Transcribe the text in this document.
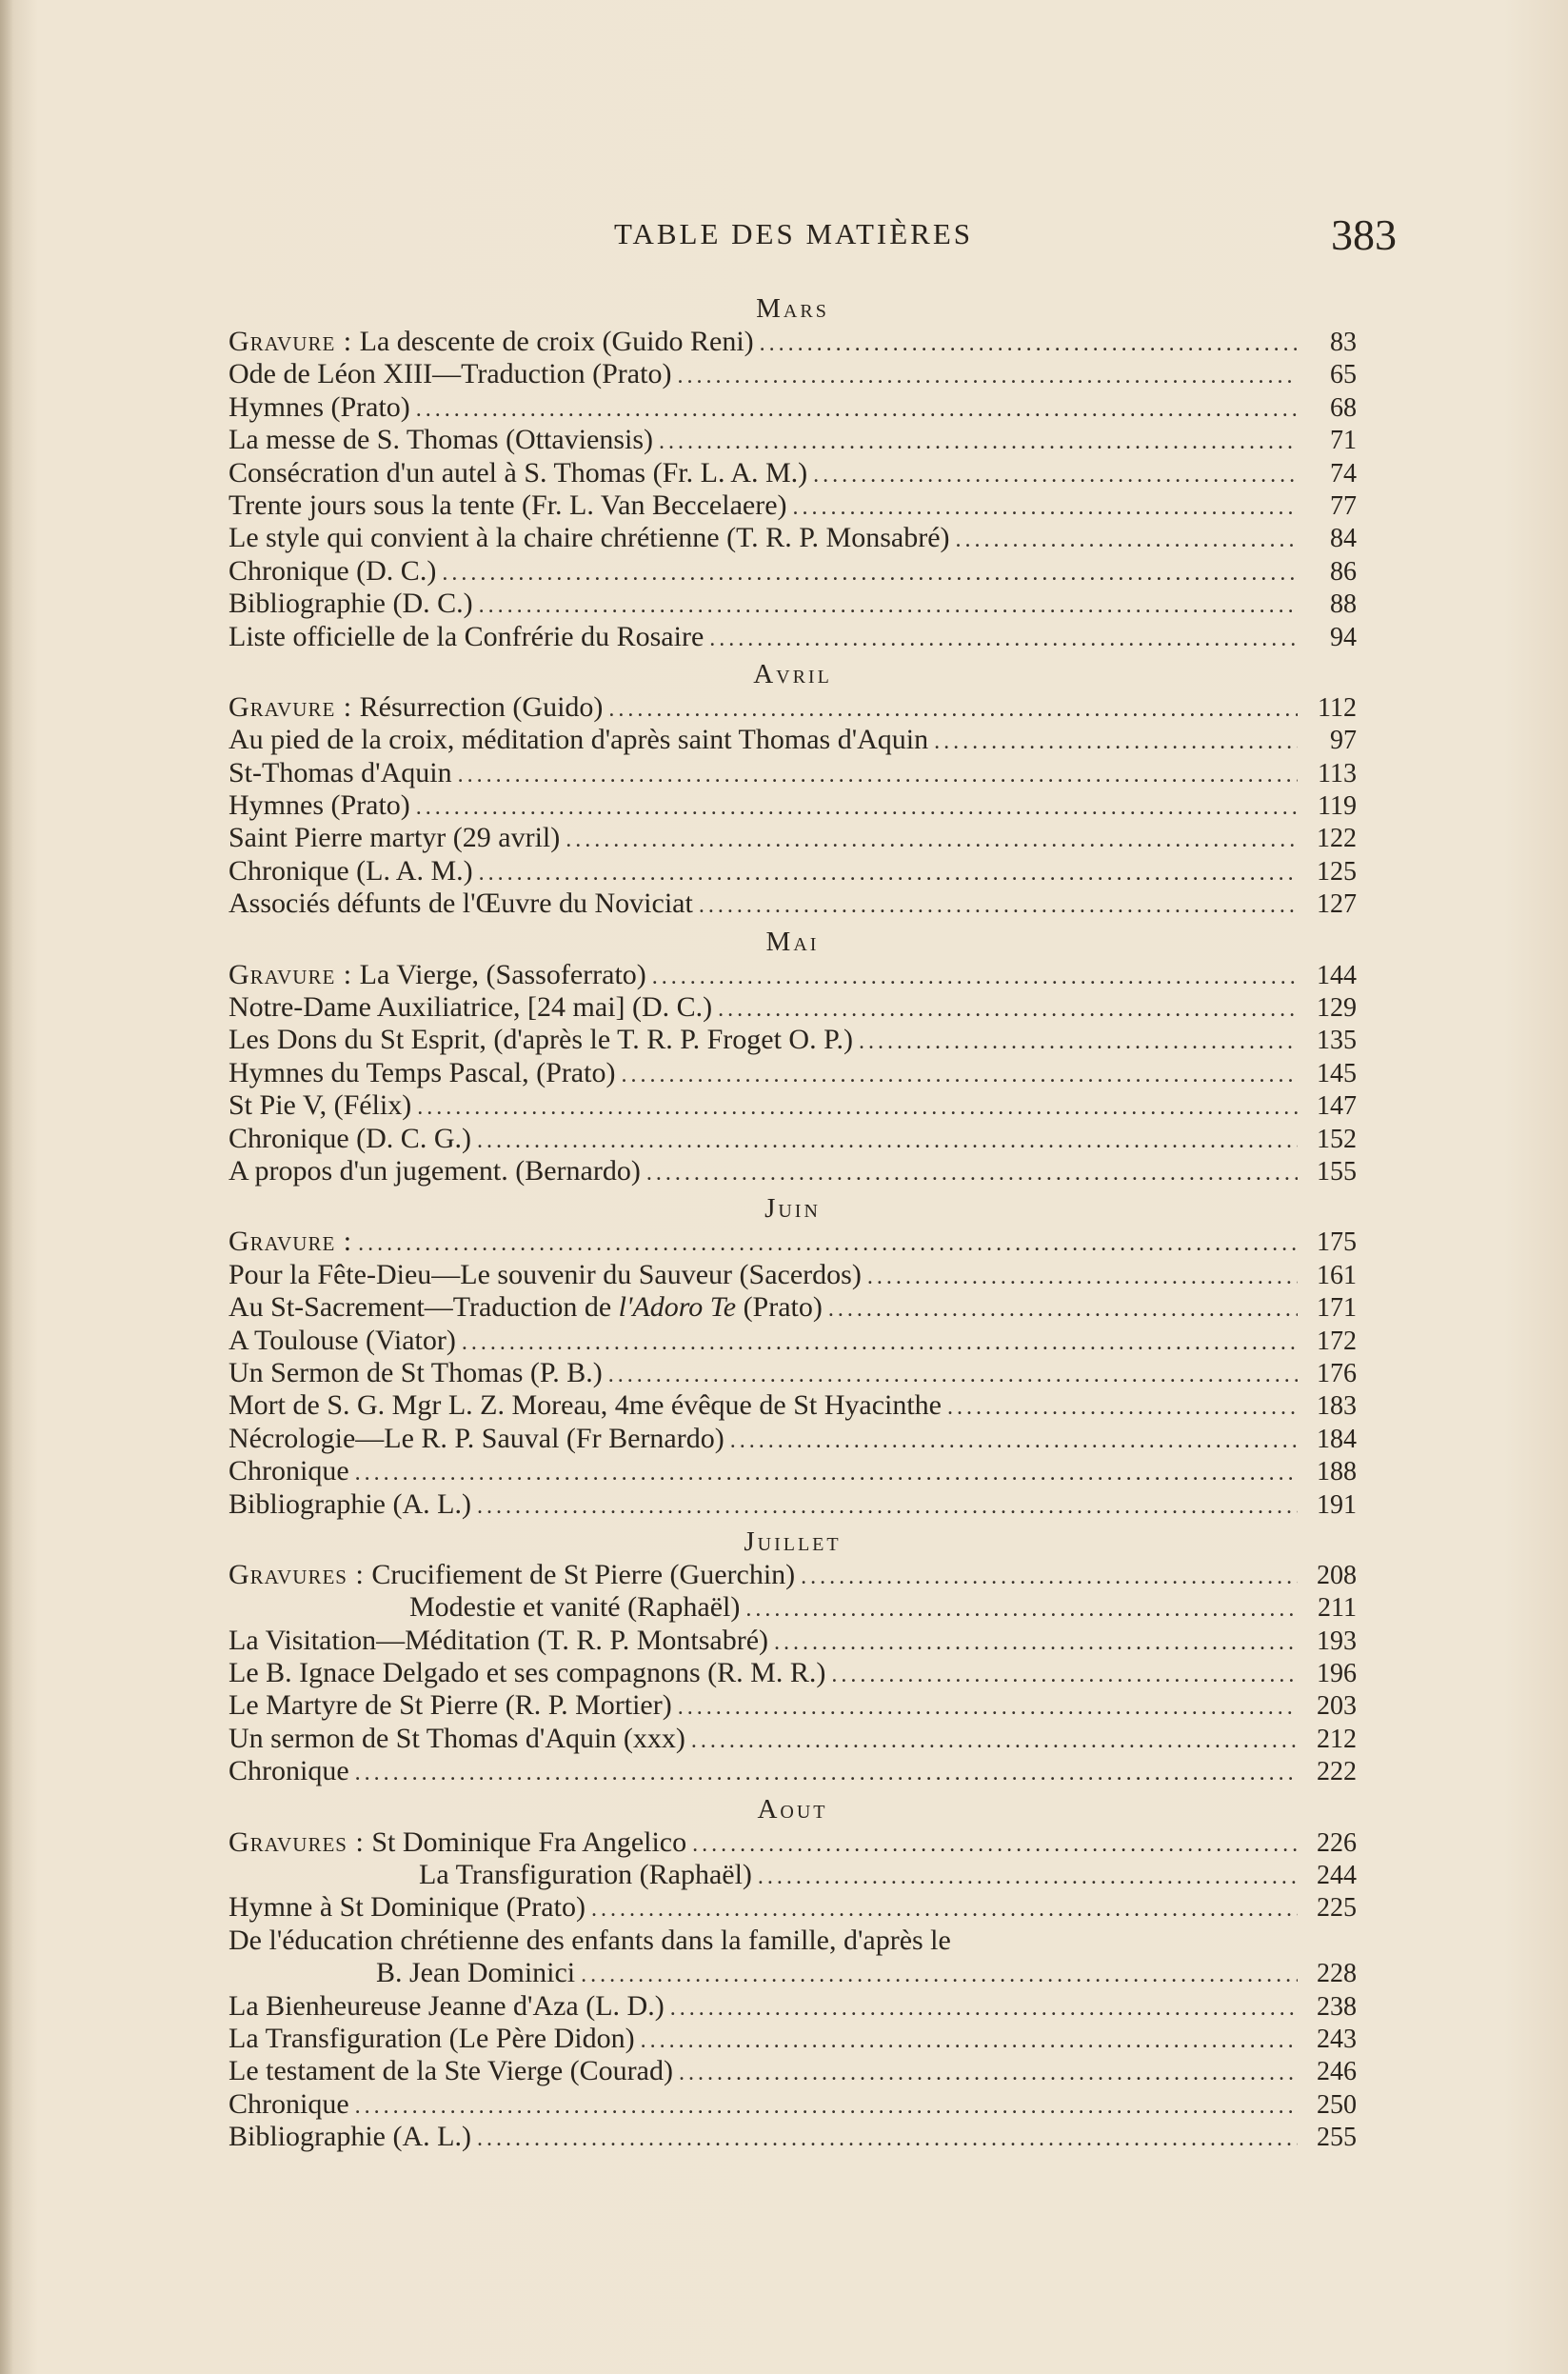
TABLE DES MATIÈRES	383
Mars
Gravure : La descente de croix (Guido Reni) .....	83
Ode de Léon XIII—Traduction (Prato) .....	65
Hymnes (Prato) .....	68
La messe de S. Thomas (Ottaviensis) .....	71
Consécration d'un autel à S. Thomas (Fr. L. A. M.) .....	74
Trente jours sous la tente (Fr. L. Van Beccelaere) .....	77
Le style qui convient à la chaire chrétienne (T. R. P. Monsabré) .....	84
Chronique (D. C.) .....	86
Bibliographie (D. C.) .....	88
Liste officielle de la Confrérie du Rosaire .....	94
Avril
Gravure : Résurrection (Guido) .....	112
Au pied de la croix, méditation d'après saint Thomas d'Aquin .....	97
St-Thomas d'Aquin .....	113
Hymnes (Prato) .....	119
Saint Pierre martyr (29 avril) .....	122
Chronique (L. A. M.) .....	125
Associés défunts de l'Œuvre du Noviciat .....	127
Mai
Gravure : La Vierge, (Sassoferrato) .....	144
Notre-Dame Auxiliatrice, [24 mai] (D. C.) .....	129
Les Dons du St Esprit, (d'après le T. R. P. Froget O. P.) .....	135
Hymnes du Temps Pascal, (Prato) .....	145
St Pie V, (Félix) .....	147
Chronique (D. C. G.) .....	152
A propos d'un jugement. (Bernardo) .....	155
Juin
Gravure : .....	175
Pour la Fête-Dieu—Le souvenir du Sauveur (Sacerdos) .....	161
Au St-Sacrement—Traduction de l'Adoro Te (Prato) .....	171
A Toulouse (Viator) .....	172
Un Sermon de St Thomas (P. B.) .....	176
Mort de S. G. Mgr L. Z. Moreau, 4me évêque de St Hyacinthe .....	183
Nécrologie—Le R. P. Sauval (Fr Bernardo) .....	184
Chronique .....	188
Bibliographie (A. L.) .....	191
Juillet
Gravures : Crucifiement de St Pierre (Guerchin) .....	208
Modestie et vanité (Raphaël) .....	211
La Visitation—Méditation (T. R. P. Montsabré) .....	193
Le B. Ignace Delgado et ses compagnons (R. M. R.) .....	196
Le Martyre de St Pierre (R. P. Mortier) .....	203
Un sermon de St Thomas d'Aquin (xxx) .....	212
Chronique .....	222
Aout
Gravures : St Dominique Fra Angelico .....	226
La Transfiguration (Raphaël) .....	244
Hymne à St Dominique (Prato) .....	225
De l'éducation chrétienne des enfants dans la famille, d'après le
B. Jean Dominici .....	228
La Bienheureuse Jeanne d'Aza (L. D.) .....	238
La Transfiguration (Le Père Didon) .....	243
Le testament de la Ste Vierge (Courad) .....	246
Chronique .....	250
Bibliographie (A. L.) .....	255
